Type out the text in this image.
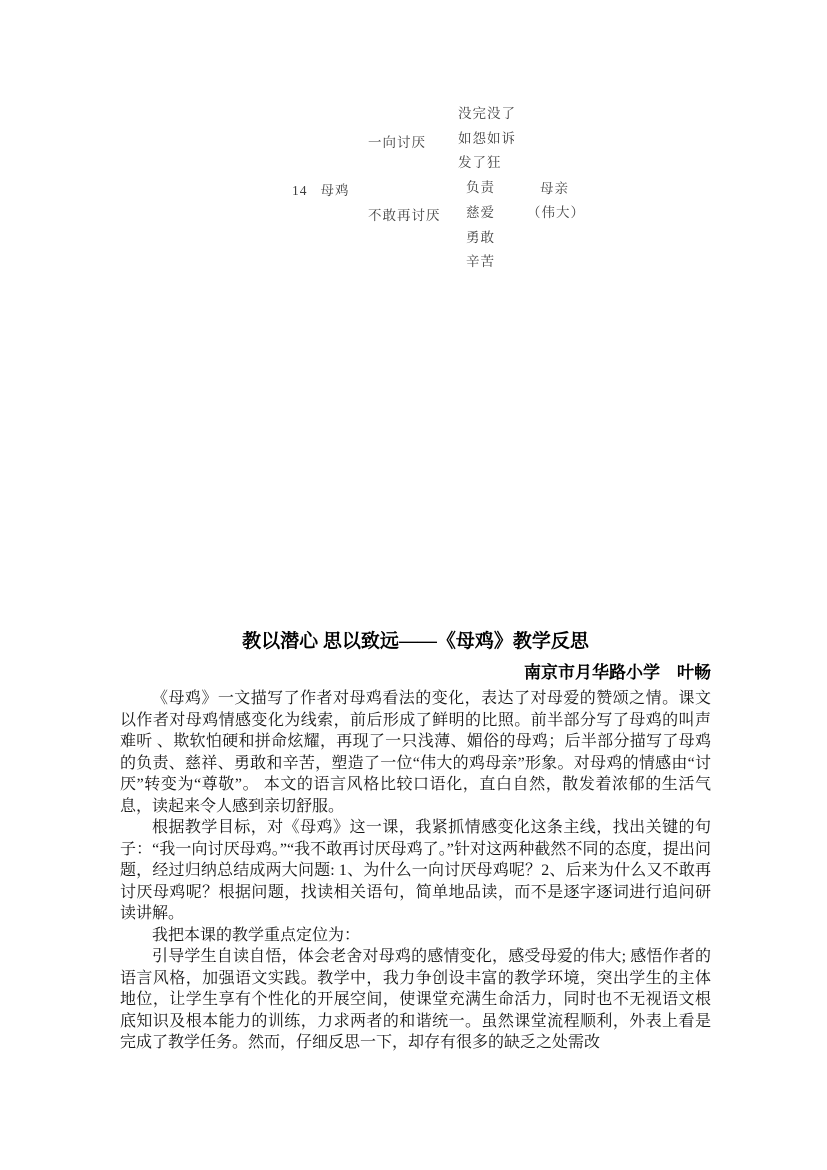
14 母鸡
一向讨厌
不敢再讨厌
没完没了
如怨如诉
发了狂
负责
慈爱
勇敢
辛苦
母亲
（伟大）
教以潜心 思以致远——《母鸡》教学反思
南京市月华路小学　叶畅

《母鸡》一文描写了作者对母鸡看法的变化，表达了对母爱的赞颂之情。课文以作者对母鸡情感变化为线索，前后形成了鲜明的比照。前半部分写了母鸡的叫声难听 、欺软怕硬和拼命炫耀，再现了一只浅薄、媚俗的母鸡；后半部分描写了母鸡的负责、慈祥、勇敢和辛苦，塑造了一位“伟大的鸡母亲”形象。对母鸡的情感由“讨厌”转变为“尊敬”。 本文的语言风格比较口语化，直白自然，散发着浓郁的生活气息，读起来令人感到亲切舒服。

根据教学目标，对《母鸡》这一课，我紧抓情感变化这条主线，找出关键的句子：“我一向讨厌母鸡。”“我不敢再讨厌母鸡了。”针对这两种截然不同的态度，提出问题，经过归纳总结成两大问题: 1、为什么一向讨厌母鸡呢？2、后来为什么又不敢再讨厌母鸡呢？根据问题，找读相关语句，简单地品读，而不是逐字逐词进行追问研读讲解。

我把本课的教学重点定位为：

引导学生自读自悟，体会老舍对母鸡的感情变化，感受母爱的伟大; 感悟作者的语言风格，加强语文实践。教学中，我力争创设丰富的教学环境，突出学生的主体地位，让学生享有个性化的开展空间，使课堂充满生命活力，同时也不无视语文根底知识及根本能力的训练，力求两者的和谐统一。虽然课堂流程顺利，外表上看是完成了教学任务。然而，仔细反思一下，却存有很多的缺乏之处需改
